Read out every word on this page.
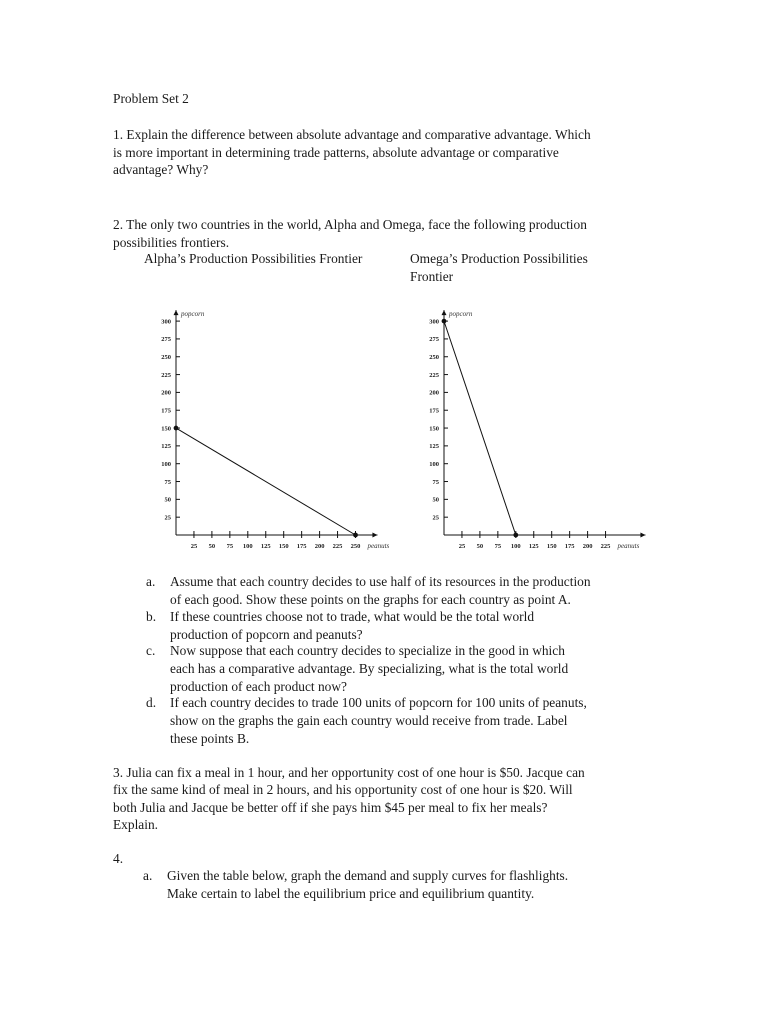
Problem Set 2
1. Explain the difference between absolute advantage and comparative advantage. Which
is more important in determining trade patterns, absolute advantage or comparative
advantage? Why?
2. The only two countries in the world, Alpha and Omega, face the following production
possibilities frontiers.
Alpha’s Production Possibilities Frontier	Omega’s Production Possibilities
Frontier
25
50
75
100
125
150
175
200
225
250
275
300
25 50 75 100 125 150 175 200 225 250
popcorn
peanuts
25
50
75
100
125
150
175
200
225
250
275
300
25 50 75 100 125 150 175 200 225
popcorn
peanuts
a. Assume that each country decides to use half of its resources in the production
of each good. Show these points on the graphs for each country as point A.
b. If these countries choose not to trade, what would be the total world
production of popcorn and peanuts?
c. Now suppose that each country decides to specialize in the good in which
each has a comparative advantage. By specializing, what is the total world
production of each product now?
d. If each country decides to trade 100 units of popcorn for 100 units of peanuts,
show on the graphs the gain each country would receive from trade. Label
these points B.
3. Julia can fix a meal in 1 hour, and her opportunity cost of one hour is $50. Jacque can
fix the same kind of meal in 2 hours, and his opportunity cost of one hour is $20. Will
both Julia and Jacque be better off if she pays him $45 per meal to fix her meals?
Explain.
4.
a. Given the table below, graph the demand and supply curves for flashlights.
Make certain to label the equilibrium price and equilibrium quantity.
